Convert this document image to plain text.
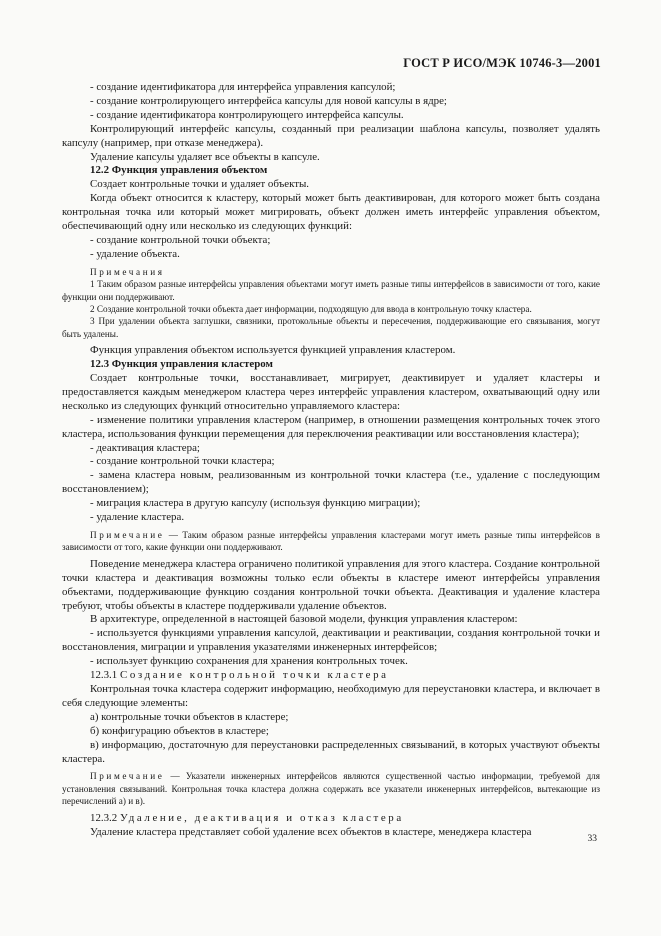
ГОСТ Р ИСО/МЭК 10746-3—2001

- создание идентификатора для интерфейса управления капсулой;

- создание контролирующего интерфейса капсулы для новой капсулы в ядре;

- создание идентификатора контролирующего интерфейса капсулы.

Контролирующий интерфейс капсулы, созданный при реализации шаблона капсулы, позволяет удалять капсулу (например, при отказе менеджера).

Удаление капсулы удаляет все объекты в капсуле.

12.2 Функция управления объектом

Создает контрольные точки и удаляет объекты.

Когда объект относится к кластеру, который может быть деактивирован, для которого может быть создана контрольная точка или который может мигрировать, объект должен иметь интерфейс управления объектом, обеспечивающий одну или несколько из следующих функций:

- создание контрольной точки объекта;

- удаление объекта.

Примечания

1 Таким образом разные интерфейсы управления объектами могут иметь разные типы интерфейсов в зависимости от того, какие функции они поддерживают.

2 Создание контрольной точки объекта дает информации, подходящую для ввода в контрольную точку кластера.

3 При удалении объекта заглушки, связники, протокольные объекты и пересечения, поддерживающие его связывания, могут быть удалены.

Функция управления объектом используется функцией управления кластером.

12.3 Функция управления кластером

Создает контрольные точки, восстанавливает, мигрирует, деактивирует и удаляет кластеры и предоставляется каждым менеджером кластера через интерфейс управления кластером, охватывающий одну или несколько из следующих функций относительно управляемого кластера:

- изменение политики управления кластером (например, в отношении размещения контрольных точек этого кластера, использования функции перемещения для переключения реактивации или восстановления кластера);

- деактивация кластера;

- создание контрольной точки кластера;

- замена кластера новым, реализованным из контрольной точки кластера (т.е., удаление с последующим восстановлением);

- миграция кластера в другую капсулу (используя функцию миграции);

- удаление кластера.

Примечание — Таким образом разные интерфейсы управления кластерами могут иметь разные типы интерфейсов в зависимости от того, какие функции они поддерживают.

Поведение менеджера кластера ограничено политикой управления для этого кластера. Создание контрольной точки кластера и деактивация возможны только если объекты в кластере имеют интерфейсы управления объектами, поддерживающие функцию создания контрольной точки объекта. Деактивация и удаление кластера требуют, чтобы объекты в кластере поддерживали удаление объектов.

В архитектуре, определенной в настоящей базовой модели, функция управления кластером:

- используется функциями управления капсулой, деактивации и реактивации, создания контрольной точки и восстановления, миграции и управления указателями инженерных интерфейсов;

- использует функцию сохранения для хранения контрольных точек.

12.3.1 Создание контрольной точки кластера

Контрольная точка кластера содержит информацию, необходимую для переустановки кластера, и включает в себя следующие элементы:

а) контрольные точки объектов в кластере;

б) конфигурацию объектов в кластере;

в) информацию, достаточную для переустановки распределенных связываний, в которых участвуют объекты кластера.

Примечание — Указатели инженерных интерфейсов являются существенной частью информации, требуемой для установления связываний. Контрольная точка кластера должна содержать все указатели инженерных интерфейсов, вытекающие из перечислений а) и в).

12.3.2 Удаление, деактивация и отказ кластера

Удаление кластера представляет собой удаление всех объектов в кластере, менеджера кластера

33
